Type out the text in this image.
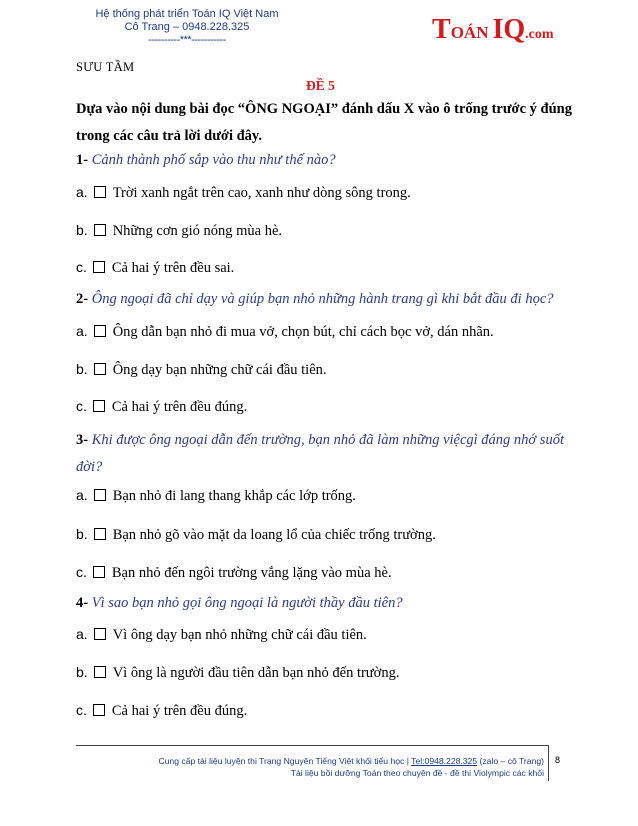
Hệ thống phát triển Toán IQ Việt Nam
Cô Trang – 0948.228.325
----------***-----------	TOÁN IQ.com
SƯU TẦM
ĐỀ 5
Dựa vào nội dung bài đọc “ÔNG NGOẠI” đánh dấu X vào ô trống trước ý đúng trong các câu trả lời dưới đây.
1- Cảnh thành phố sắp vào thu như thế nào?
a. Trời xanh ngắt trên cao, xanh như dòng sông trong.
b. Những cơn gió nóng mùa hè.
c. Cả hai ý trên đều sai.
2- Ông ngoại đã chỉ dạy và giúp bạn nhỏ những hành trang gì khi bắt đầu đi học?
a. Ông dẫn bạn nhỏ đi mua vở, chọn bút, chỉ cách bọc vở, dán nhãn.
b. Ông dạy bạn những chữ cái đầu tiên.
c. Cả hai ý trên đều đúng.
3- Khi được ông ngoại dẫn đến trường, bạn nhỏ đã làm những việcgì đáng nhớ suốt đời?
a. Bạn nhỏ đi lang thang khắp các lớp trống.
b. Bạn nhỏ gõ vào mặt da loang lổ của chiếc trống trường.
c. Bạn nhỏ đến ngôi trường vắng lặng vào mùa hè.
4- Vì sao bạn nhỏ gọi ông ngoại là người thầy đầu tiên?
a. Vì ông dạy bạn nhỏ những chữ cái đầu tiên.
b. Vì ông là người đầu tiên dẫn bạn nhỏ đến trường.
c. Cả hai ý trên đều đúng.
Cung cấp tài liệu luyện thi Trạng Nguyên Tiếng Việt khối tiểu học | Tel:0948.228.325 (zalo – cô Trang)
Tài liệu bồi dưỡng Toán theo chuyên đề - đề thi Violympic các khối
8
